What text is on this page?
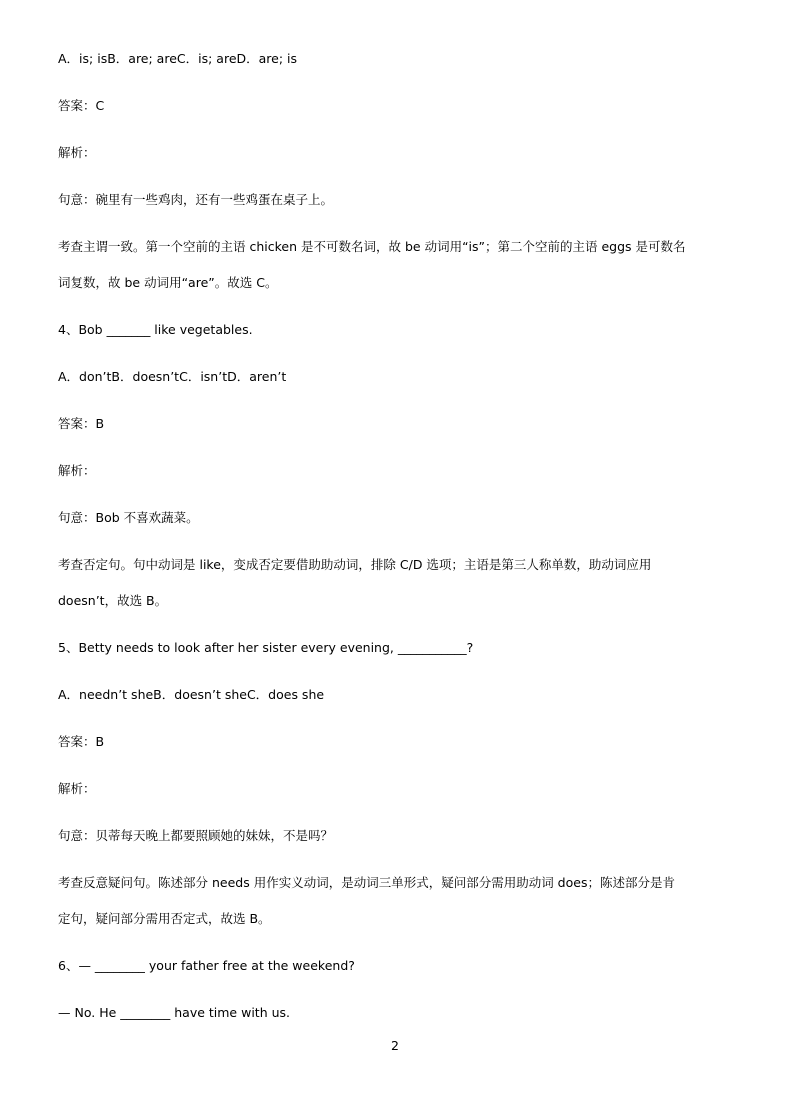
A．is; isB．are; areC．is; areD．are; is
答案：C
解析：
句意：碗里有一些鸡肉，还有一些鸡蛋在桌子上。
考查主谓一致。第一个空前的主语 chicken 是不可数名词，故 be 动词用“is”；第二个空前的主语 eggs 是可数名
词复数，故 be 动词用“are”。故选 C。
4、Bob _______ like vegetables.
A．don’tB．doesn’tC．isn’tD．aren’t
答案：B
解析：
句意：Bob 不喜欢蔬菜。
考查否定句。句中动词是 like，变成否定要借助助动词，排除 C/D 选项；主语是第三人称单数，助动词应用
doesn’t，故选 B。
5、Betty needs to look after her sister every evening, ___________?
A．needn’t sheB．doesn’t sheC．does she
答案：B
解析：
句意：贝蒂每天晚上都要照顾她的妹妹，不是吗？
考查反意疑问句。陈述部分 needs 用作实义动词，是动词三单形式，疑问部分需用助动词 does；陈述部分是肯
定句，疑问部分需用否定式，故选 B。
6、— ________ your father free at the weekend?
— No. He ________ have time with us.
2
